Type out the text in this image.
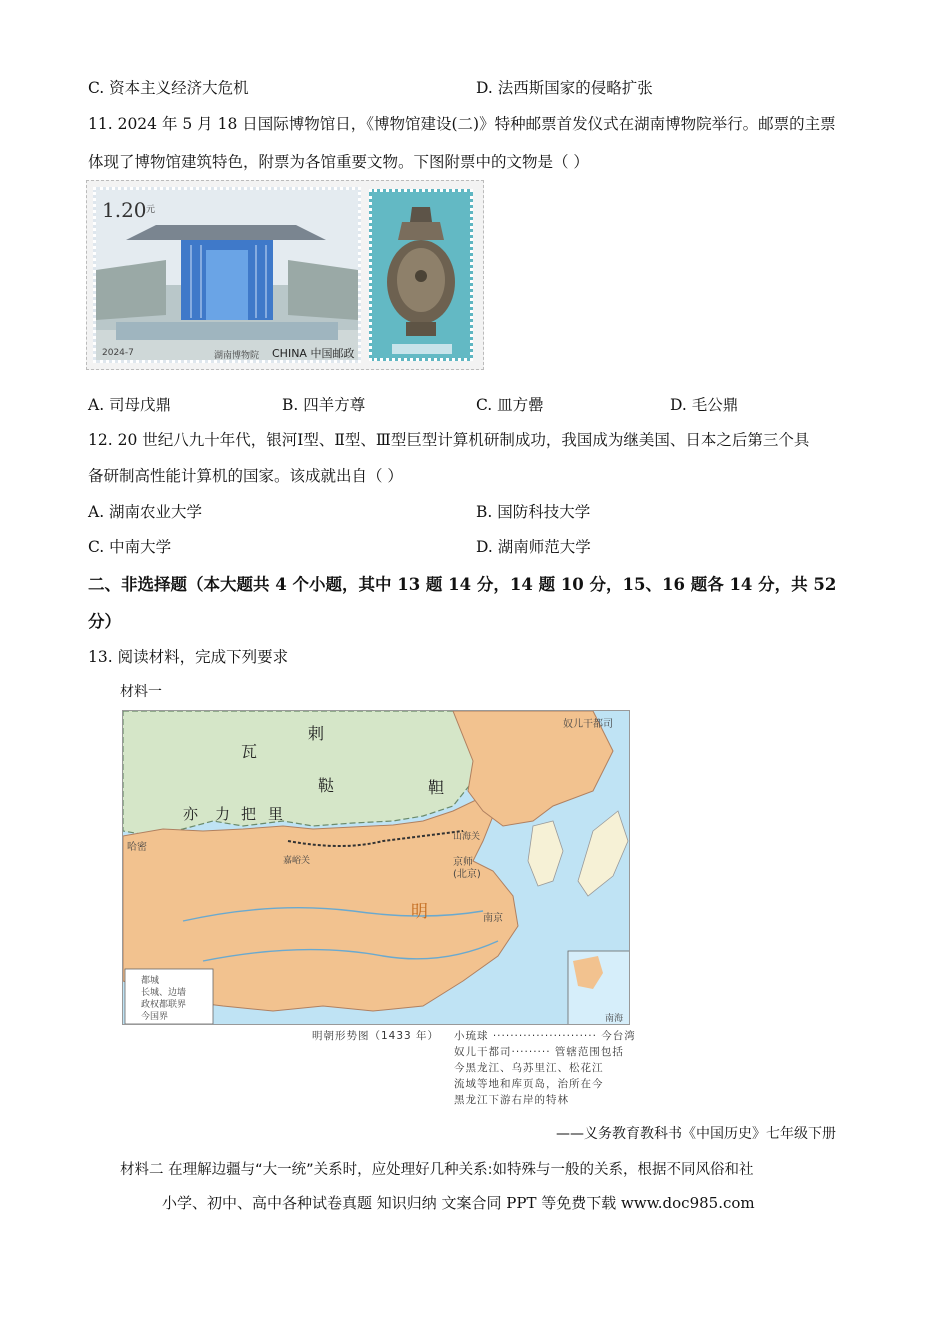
C. 资本主义经济大危机	D. 法西斯国家的侵略扩张
11. 2024 年 5 月 18 日国际博物馆日，《博物馆建设(二)》特种邮票首发仪式在湖南博物院举行。邮票的主票
体现了博物馆建筑特色，附票为各馆重要文物。下图附票中的文物是（ ）
1.20 元
2024-7	湖南博物院 CHINA 中国邮政
A. 司母戊鼎	B. 四羊方尊	C. 皿方罍	D. 毛公鼎
12. 20 世纪八九十年代，银河Ⅰ型、Ⅱ型、Ⅲ型巨型计算机研制成功，我国成为继美国、日本之后第三个具
备研制高性能计算机的国家。该成就出自（ ）
A. 湖南农业大学	B. 国防科技大学
C. 中南大学	D. 湖南师范大学
二、非选择题（本大题共 4 个小题，其中 13 题 14 分，14 题 10 分，15、16 题各 14 分，共 52
分）
13. 阅读材料，完成下列要求
材料一
瓦
剌
鞑	靼
亦 力 把 里
明
奴儿干都司
哈密
嘉峪关
山海关
京师
(北京)
南京
南海
都城
长城、边墙
政权都联界
今国界
明朝形势图（1433 年） 小琉球 ························ 今台湾
奴儿干都司········· 管辖范围包括
今黑龙江、乌苏里江、松花江
流域等地和库页岛，治所在今
黑龙江下游右岸的特林
——义务教育教科书《中国历史》七年级下册
材料二 在理解边疆与“大一统”关系时，应处理好几种关系:如特殊与一般的关系，根据不同风俗和社
小学、初中、高中各种试卷真题 知识归纳 文案合同 PPT 等免费下载 www.doc985.com
